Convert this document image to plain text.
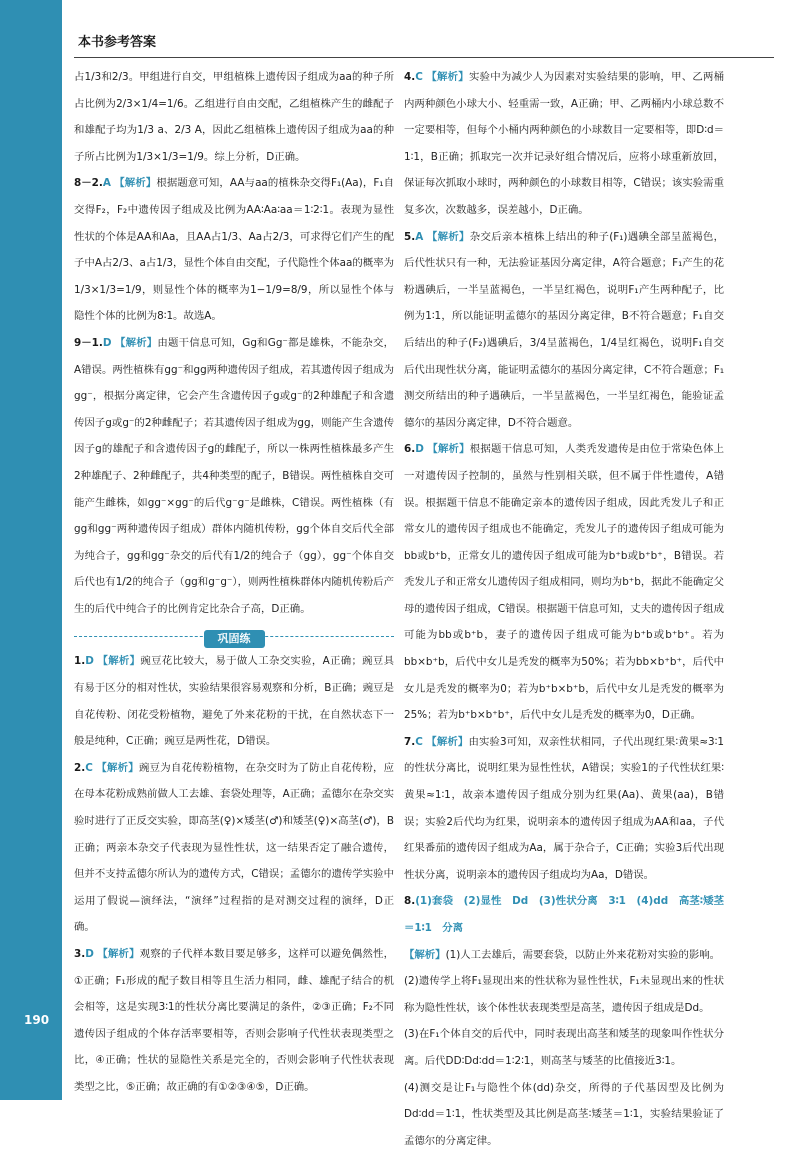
190
本书参考答案

占1/3和2/3。甲组进行自交，甲组植株上遗传因子组成为aa的种子所占比例为2/3×1/4=1/6。乙组进行自由交配，乙组植株产生的雌配子和雄配子均为1/3 a、2/3 A，因此乙组植株上遗传因子组成为aa的种子所占比例为1/3×1/3=1/9。综上分析，D正确。

8－2.A 【解析】根据题意可知，AA与aa的植株杂交得F₁(Aa)，F₁自交得F₂，F₂中遗传因子组成及比例为AA∶Aa∶aa＝1∶2∶1。表现为显性性状的个体是AA和Aa，且AA占1/3、Aa占2/3，可求得它们产生的配子中A占2/3、a占1/3，显性个体自由交配，子代隐性个体aa的概率为1/3×1/3=1/9，则显性个体的概率为1−1/9=8/9，所以显性个体与隐性个体的比例为8∶1。故选A。

9－1.D 【解析】由题干信息可知，Gg和Gg⁻都是雄株，不能杂交，A错误。两性植株有gg⁻和gg两种遗传因子组成，若其遗传因子组成为gg⁻，根据分离定律，它会产生含遗传因子g或g⁻的2种雄配子和含遗传因子g或g⁻的2种雌配子；若其遗传因子组成为gg，则能产生含遗传因子g的雄配子和含遗传因子g的雌配子，所以一株两性植株最多产生2种雄配子、2种雌配子，共4种类型的配子，B错误。两性植株自交可能产生雌株，如gg⁻×gg⁻的后代g⁻g⁻是雌株，C错误。两性植株（有gg和gg⁻两种遗传因子组成）群体内随机传粉，gg个体自交后代全部为纯合子，gg和gg⁻杂交的后代有1/2的纯合子（gg），gg⁻个体自交后代也有1/2的纯合子（gg和g⁻g⁻），则两性植株群体内随机传粉后产生的后代中纯合子的比例肯定比杂合子高，D正确。

巩固练

1.D 【解析】豌豆花比较大，易于做人工杂交实验，A正确；豌豆具有易于区分的相对性状，实验结果很容易观察和分析，B正确；豌豆是自花传粉、闭花受粉植物，避免了外来花粉的干扰，在自然状态下一般是纯种，C正确；豌豆是两性花，D错误。

2.C 【解析】豌豆为自花传粉植物，在杂交时为了防止自花传粉，应在母本花粉成熟前做人工去雄、套袋处理等，A正确；孟德尔在杂交实验时进行了正反交实验，即高茎(♀)×矮茎(♂)和矮茎(♀)×高茎(♂)，B正确；两亲本杂交子代表现为显性性状，这一结果否定了融合遗传，但并不支持孟德尔所认为的遗传方式，C错误；孟德尔的遗传学实验中运用了假说—演绎法，“演绎”过程指的是对测交过程的演绎，D正确。

3.D 【解析】观察的子代样本数目要足够多，这样可以避免偶然性，①正确；F₁形成的配子数目相等且生活力相同，雌、雄配子结合的机会相等，这是实现3∶1的性状分离比要满足的条件，②③正确；F₂不同遗传因子组成的个体存活率要相等，否则会影响子代性状表现类型之比，④正确；性状的显隐性关系是完全的，否则会影响子代性状表现类型之比，⑤正确；故正确的有①②③④⑤，D正确。

4.C 【解析】实验中为减少人为因素对实验结果的影响，甲、乙两桶内两种颜色小球大小、轻重需一致，A正确；甲、乙两桶内小球总数不一定要相等，但每个小桶内两种颜色的小球数目一定要相等，即D∶d＝1∶1，B正确；抓取完一次并记录好组合情况后，应将小球重新放回，保证每次抓取小球时，两种颜色的小球数目相等，C错误；该实验需重复多次，次数越多，误差越小，D正确。

5.A 【解析】杂交后亲本植株上结出的种子(F₁)遇碘全部呈蓝褐色，后代性状只有一种，无法验证基因分离定律，A符合题意；F₁产生的花粉遇碘后，一半呈蓝褐色，一半呈红褐色，说明F₁产生两种配子，比例为1∶1，所以能证明孟德尔的基因分离定律，B不符合题意；F₁自交后结出的种子(F₂)遇碘后，3/4呈蓝褐色，1/4呈红褐色，说明F₁自交后代出现性状分离，能证明孟德尔的基因分离定律，C不符合题意；F₁测交所结出的种子遇碘后，一半呈蓝褐色，一半呈红褐色，能验证孟德尔的基因分离定律，D不符合题意。

6.D 【解析】根据题干信息可知，人类秃发遗传是由位于常染色体上一对遗传因子控制的，虽然与性别相关联，但不属于伴性遗传，A错误。根据题干信息不能确定亲本的遗传因子组成，因此秃发儿子和正常女儿的遗传因子组成也不能确定，秃发儿子的遗传因子组成可能为bb或b⁺b，正常女儿的遗传因子组成可能为b⁺b或b⁺b⁺，B错误。若秃发儿子和正常女儿遗传因子组成相同，则均为b⁺b，据此不能确定父母的遗传因子组成，C错误。根据题干信息可知，丈夫的遗传因子组成可能为bb或b⁺b，妻子的遗传因子组成可能为b⁺b或b⁺b⁺。若为bb×b⁺b，后代中女儿是秃发的概率为50%；若为bb×b⁺b⁺，后代中女儿是秃发的概率为0；若为b⁺b×b⁺b，后代中女儿是秃发的概率为25%；若为b⁺b×b⁺b⁺，后代中女儿是秃发的概率为0，D正确。

7.C 【解析】由实验3可知，双亲性状相同，子代出现红果∶黄果≈3∶1的性状分离比，说明红果为显性性状，A错误；实验1的子代性状红果∶黄果≈1∶1，故亲本遗传因子组成分别为红果(Aa)、黄果(aa)，B错误；实验2后代均为红果，说明亲本的遗传因子组成为AA和aa，子代红果番茄的遗传因子组成为Aa，属于杂合子，C正确；实验3后代出现性状分离，说明亲本的遗传因子组成均为Aa，D错误。

8.(1)套袋　(2)显性　Dd　(3)性状分离　3∶1　(4)dd　高茎∶矮茎＝1∶1　分离

【解析】(1)人工去雄后，需要套袋，以防止外来花粉对实验的影响。

(2)遗传学上将F₁显现出来的性状称为显性性状，F₁未显现出来的性状称为隐性性状，该个体性状表现类型是高茎，遗传因子组成是Dd。

(3)在F₁个体自交的后代中，同时表现出高茎和矮茎的现象叫作性状分离。后代DD∶Dd∶dd＝1∶2∶1，则高茎与矮茎的比值接近3∶1。

(4)测交是让F₁与隐性个体(dd)杂交，所得的子代基因型及比例为Dd∶dd＝1∶1，性状类型及其比例是高茎∶矮茎＝1∶1，实验结果验证了孟德尔的分离定律。
